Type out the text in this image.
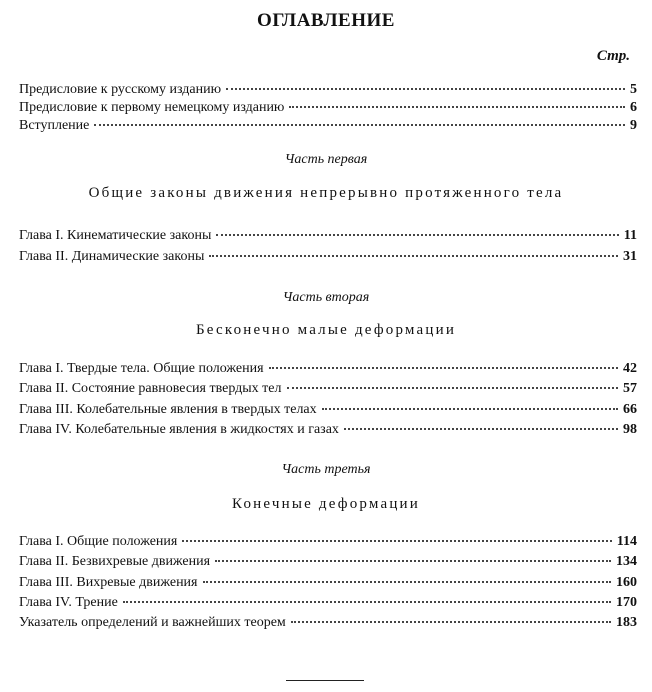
ОГЛАВЛЕНИЕ
Стр.
Предисловие к русскому изданию	5
Предисловие к первому немецкому изданию	6
Вступление	9
Часть первая
Общие законы движения непрерывно протяженного тела
Глава I. Кинематические законы	11
Глава II. Динамические законы	31
Часть вторая
Бесконечно малые деформации
Глава I. Твердые тела. Общие положения	42
Глава II. Состояние равновесия твердых тел	57
Глава III. Колебательные явления в твердых телах	66
Глава IV. Колебательные явления в жидкостях и газах	98
Часть третья
Конечные деформации
Глава I. Общие положения	114
Глава II. Безвихревые движения	134
Глава III. Вихревые движения	160
Глава IV. Трение	170
Указатель определений и важнейших теорем	183
